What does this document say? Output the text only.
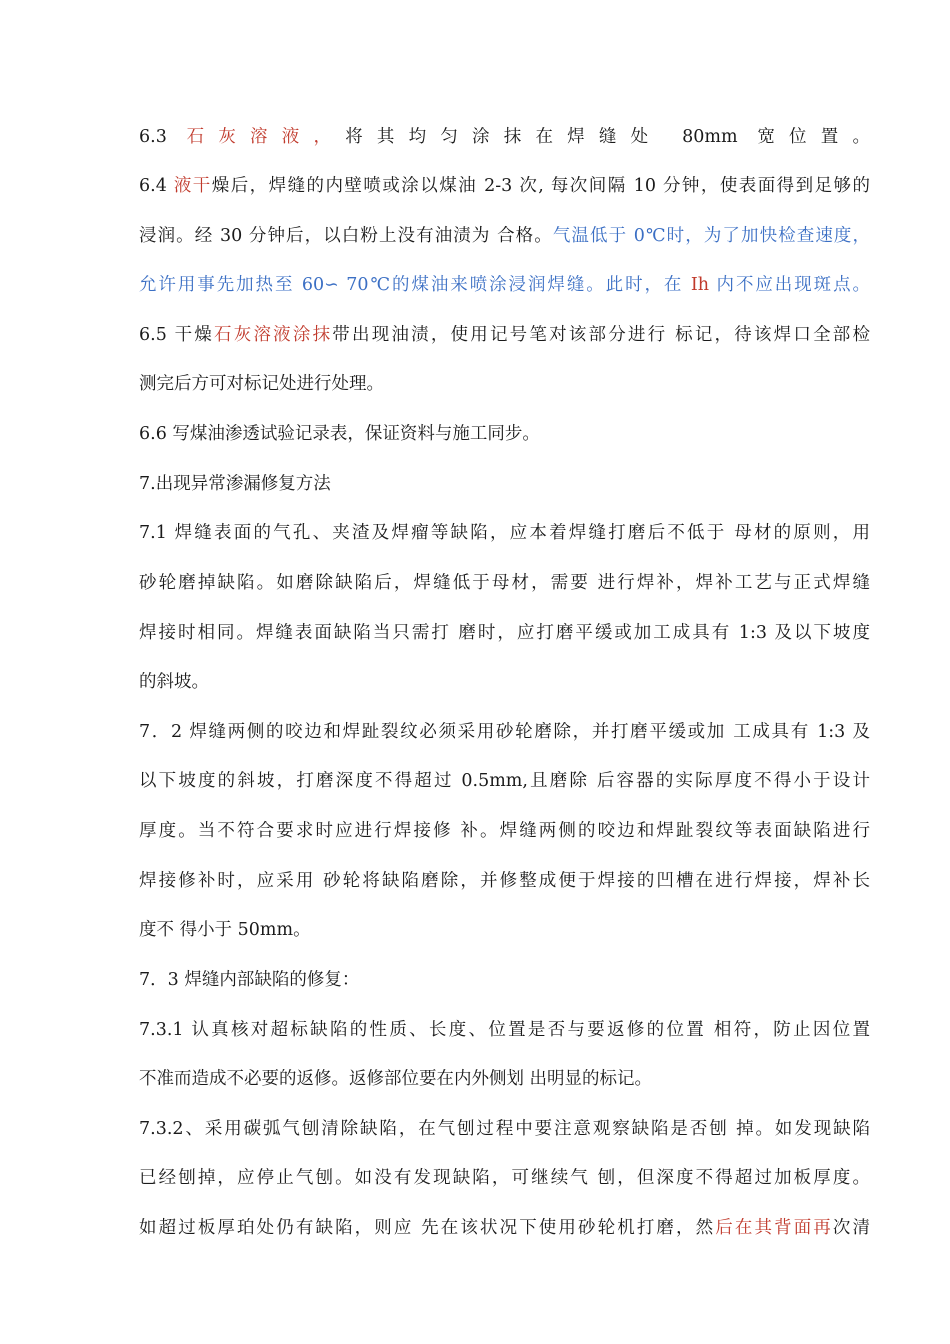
6.3 石灰溶液，将其均匀涂抹在焊缝处 80mm 宽位置。
6.4 液干燥后，焊缝的内壁喷或涂以煤油 2-3 次, 每次间隔 10 分钟，使表面得到足够的
浸润。经 30 分钟后，以白粉上没有油渍为 合格。气温低于 0℃时，为了加快检查速度，
允许用事先加热至 60∽ 70℃的煤油来喷涂浸润焊缝。此时，在 Ih 内不应出现斑点。
6.5 干燥石灰溶液涂抹带出现油渍，使用记号笔对该部分进行 标记，待该焊口全部检
测完后方可对标记处进行处理。
6.6 写煤油渗透试验记录表，保证资料与施工同步。
7.出现异常渗漏修复方法
7.1 焊缝表面的气孔、夹渣及焊瘤等缺陷，应本着焊缝打磨后不低于 母材的原则，用
砂轮磨掉缺陷。如磨除缺陷后，焊缝低于母材，需要 进行焊补，焊补工艺与正式焊缝
焊接时相同。焊缝表面缺陷当只需打 磨时，应打磨平缓或加工成具有 1:3 及以下坡度
的斜坡。
7．2 焊缝两侧的咬边和焊趾裂纹必须采用砂轮磨除，并打磨平缓或加 工成具有 1:3 及
以下坡度的斜坡，打磨深度不得超过 0.5mm,且磨除 后容器的实际厚度不得小于设计
厚度。当不符合要求时应进行焊接修 补。焊缝两侧的咬边和焊趾裂纹等表面缺陷进行
焊接修补时，应采用 砂轮将缺陷磨除，并修整成便于焊接的凹槽在进行焊接，焊补长
度不 得小于 50mm。
7．3 焊缝内部缺陷的修复：
7.3.1 认真核对超标缺陷的性质、长度、位置是否与要返修的位置 相符，防止因位置
不准而造成不必要的返修。返修部位要在内外侧划 出明显的标记。
7.3.2、采用碳弧气刨清除缺陷，在气刨过程中要注意观察缺陷是否刨 掉。如发现缺陷
已经刨掉，应停止气刨。如没有发现缺陷，可继续气 刨，但深度不得超过加板厚度。
如超过板厚珀处仍有缺陷，则应 先在该状况下使用砂轮机打磨，然后在其背面再次清
